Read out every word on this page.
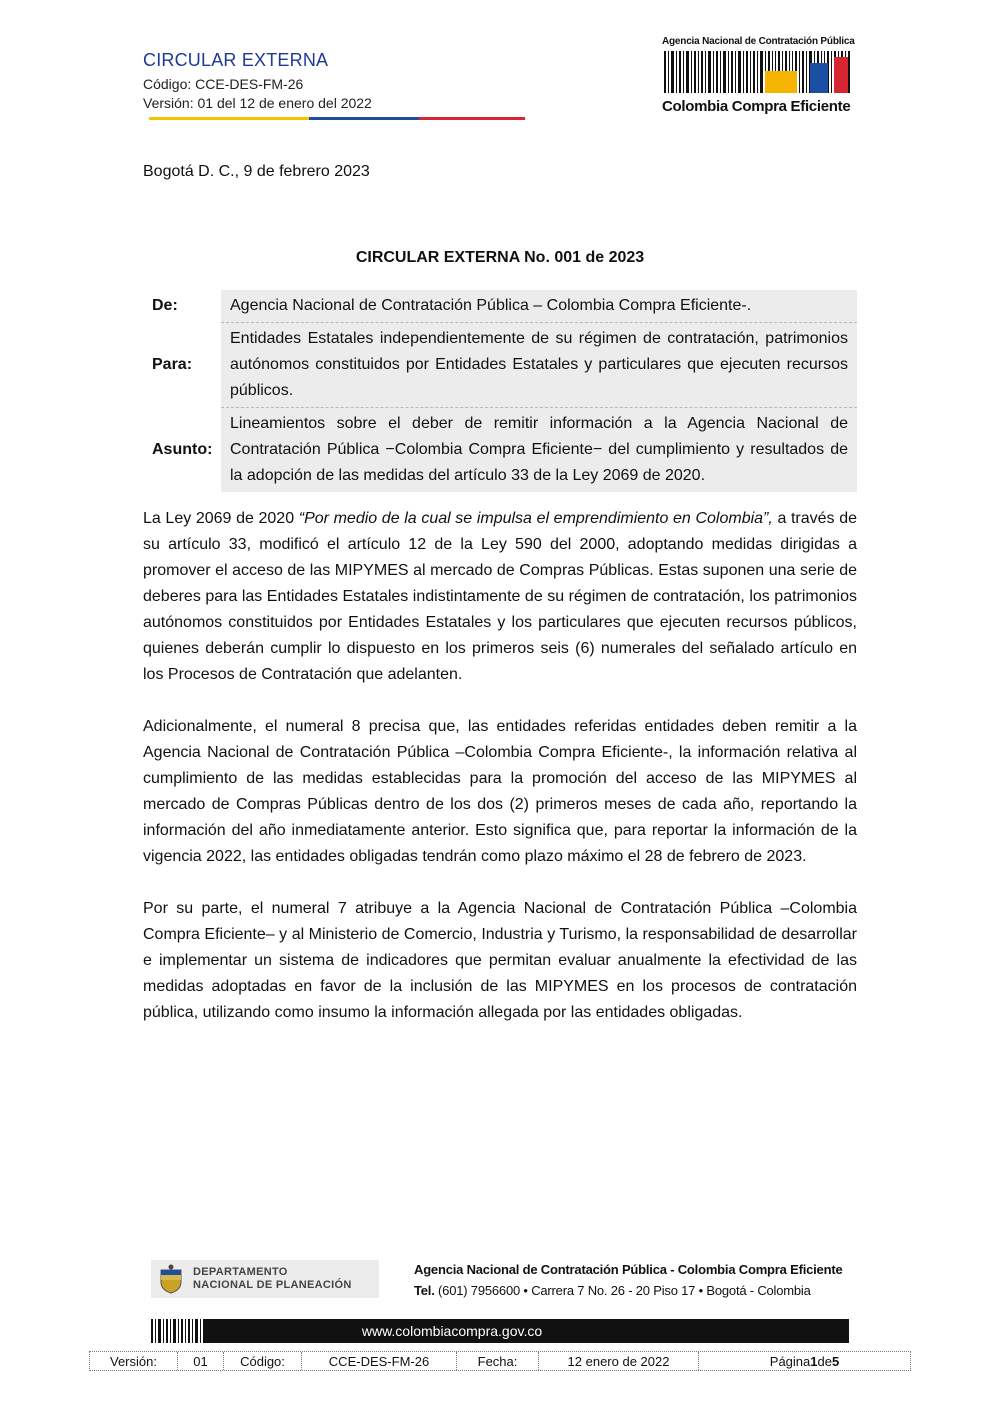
CIRCULAR EXTERNA
Código: CCE-DES-FM-26
Versión: 01 del 12 de enero del 2022
Agencia Nacional de Contratación Pública
Colombia Compra Eficiente
Bogotá D. C., 9 de febrero 2023
CIRCULAR EXTERNA No. 001 de 2023
De:	Agencia Nacional de Contratación Pública – Colombia Compra Eficiente-.
Para:
Entidades Estatales independientemente de su régimen de contratación, patrimonios autónomos constituidos por Entidades Estatales y particulares que ejecuten recursos públicos.
Asunto:
Lineamientos sobre el deber de remitir información a la Agencia Nacional de Contratación Pública −Colombia Compra Eficiente− del cumplimiento y resultados de la adopción de las medidas del artículo 33 de la Ley 2069 de 2020.

La Ley 2069 de 2020 “Por medio de la cual se impulsa el emprendimiento en Colombia”, a través de su artículo 33, modificó el artículo 12 de la Ley 590 del 2000, adoptando medidas dirigidas a promover el acceso de las MIPYMES al mercado de Compras Públicas. Estas suponen una serie de deberes para las Entidades Estatales indistintamente de su régimen de contratación, los patrimonios autónomos constituidos por Entidades Estatales y los particulares que ejecuten recursos públicos, quienes deberán cumplir lo dispuesto en los primeros seis (6) numerales del señalado artículo en los Procesos de Contratación que adelanten.

Adicionalmente, el numeral 8 precisa que, las entidades referidas entidades deben remitir a la Agencia Nacional de Contratación Pública –Colombia Compra Eficiente-, la información relativa al cumplimiento de las medidas establecidas para la promoción del acceso de las MIPYMES al mercado de Compras Públicas dentro de los dos (2) primeros meses de cada año, reportando la información del año inmediatamente anterior. Esto significa que, para reportar la información de la vigencia 2022, las entidades obligadas tendrán como plazo máximo el 28 de febrero de 2023.

Por su parte, el numeral 7 atribuye a la Agencia Nacional de Contratación Pública –Colombia Compra Eficiente– y al Ministerio de Comercio, Industria y Turismo, la responsabilidad de desarrollar e implementar un sistema de indicadores que permitan evaluar anualmente la efectividad de las medidas adoptadas en favor de la inclusión de las MIPYMES en los procesos de contratación pública, utilizando como insumo la información allegada por las entidades obligadas.

DEPARTAMENTO
NACIONAL DE PLANEACIÓN
Agencia Nacional de Contratación Pública - Colombia Compra Eficiente
Tel. (601) 7956600 • Carrera 7 No. 26 - 20 Piso 17 • Bogotá - Colombia
www.colombiacompra.gov.co
Versión:	01	Código:	CCE-DES-FM-26	Fecha:	12 enero de 2022	Página 1 de 5
